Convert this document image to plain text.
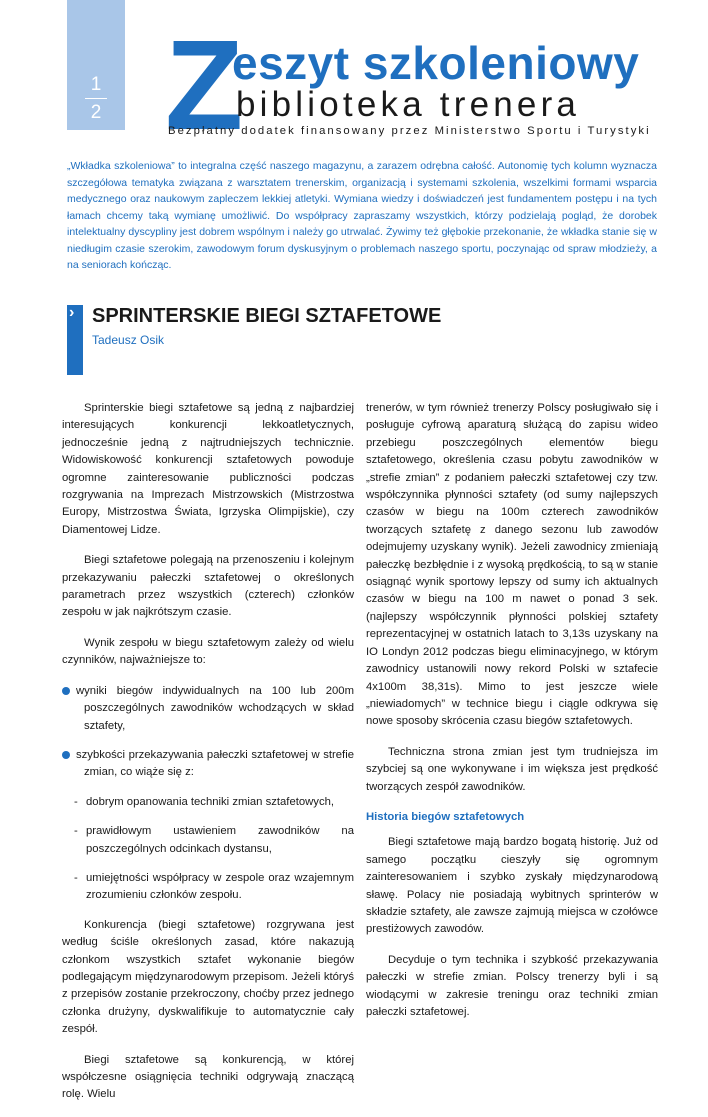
1
2 Z
eszyt szkoleniowy
biblioteka trenera
Bezpłatny dodatek finansowany przez Ministerstwo Sportu i Turystyki
„Wkładka szkoleniowa” to integralna część naszego magazynu, a zarazem odrębna całość. Autonomię tych kolumn wyznacza szczegółowa tematyka związana z warsztatem trenerskim, organizacją i systemami szkolenia, wszelkimi formami wsparcia medycznego oraz naukowym zapleczem lekkiej atletyki. Wymiana wiedzy i doświadczeń jest fundamentem postępu i na tych łamach chcemy taką wymianę umożliwić. Do współpracy zapraszamy wszystkich, którzy podzielają pogląd, że dorobek intelektualny dyscypliny jest dobrem wspólnym i należy go utrwalać. Żywimy też głębokie przekonanie, że wkładka stanie się w niedługim czasie szerokim, zawodowym forum dyskusyjnym o problemach naszego sportu, poczynając od spraw młodzieży, a na seniorach kończąc.
› SPRINTERSKIE BIEGI SZTAFETOWE
Tadeusz Osik

Sprinterskie biegi sztafetowe są jedną z najbardziej interesujących konkurencji lekkoatletycznych, jednocześnie jedną z najtrudniejszych technicznie. Widowiskowość konkurencji sztafetowych powoduje ogromne zainteresowanie publiczności podczas rozgrywania na Imprezach Mistrzowskich (Mistrzostwa Europy, Mistrzostwa Świata, Igrzyska Olimpijskie), czy Diamentowej Lidze.

Biegi sztafetowe polegają na przenoszeniu i kolejnym przekazywaniu pałeczki sztafetowej o określonych parametrach przez wszystkich (czterech) członków zespołu w jak najkrótszym czasie.

Wynik zespołu w biegu sztafetowym zależy od wielu czynników, najważniejsze to:

wyniki biegów indywidualnych na 100 lub 200m poszczególnych zawodników wchodzących w skład sztafety,
szybkości przekazywania pałeczki sztafetowej w strefie zmian, co wiąże się z:
- dobrym opanowania techniki zmian sztafetowych,
- prawidłowym ustawieniem zawodników na poszczególnych odcinkach dystansu,
- umiejętności współpracy w zespole oraz wzajemnym zrozumieniu członków zespołu.

Konkurencja (biegi sztafetowe) rozgrywana jest według ściśle określonych zasad, które nakazują członkom wszystkich sztafet wykonanie biegów podlegającym międzynarodowym przepisom. Jeżeli któryś z przepisów zostanie przekroczony, choćby przez jednego członka drużyny, dyskwalifikuje to automatycznie cały zespół.

Biegi sztafetowe są konkurencją, w której współczesne osiągnięcia techniki odgrywają znaczącą rolę. Wielu

trenerów, w tym również trenerzy Polscy posługiwało się i posługuje cyfrową aparaturą służącą do zapisu wideo przebiegu poszczególnych elementów biegu sztafetowego, określenia czasu pobytu zawodników w „strefie zmian” z podaniem pałeczki sztafetowej czy tzw. współczynnika płynności sztafety (od sumy najlepszych czasów w biegu na 100m czterech zawodników tworzących sztafetę z danego sezonu lub zawodów odejmujemy uzyskany wynik). Jeżeli zawodnicy zmieniają pałeczkę bezbłędnie i z wysoką prędkością, to są w stanie osiągnąć wynik sportowy lepszy od sumy ich aktualnych czasów w biegu na 100 m nawet o ponad 3 sek. (najlepszy współczynnik płynności polskiej sztafety reprezentacyjnej w ostatnich latach to 3,13s uzyskany na IO Londyn 2012 podczas biegu eliminacyjnego, w którym zawodnicy ustanowili nowy rekord Polski w sztafecie 4x100m 38,31s). Mimo to jest jeszcze wiele „niewiadomych” w technice biegu i ciągle odkrywa się nowe sposoby skrócenia czasu biegów sztafetowych.

Techniczna strona zmian jest tym trudniejsza im szybciej są one wykonywane i im większa jest prędkość tworzących zespół zawodników.

Historia biegów sztafetowych

Biegi sztafetowe mają bardzo bogatą historię. Już od samego początku cieszyły się ogromnym zainteresowaniem i szybko zyskały międzynarodową sławę. Polacy nie posiadają wybitnych sprinterów w składzie sztafety, ale zawsze zajmują miejsca w czołówce prestiżowych zawodów.

Decyduje o tym technika i szybkość przekazywania pałeczki w strefie zmian. Polscy trenerzy byli i są wiodącymi w zakresie treningu oraz techniki zmian pałeczki sztafetowej.
